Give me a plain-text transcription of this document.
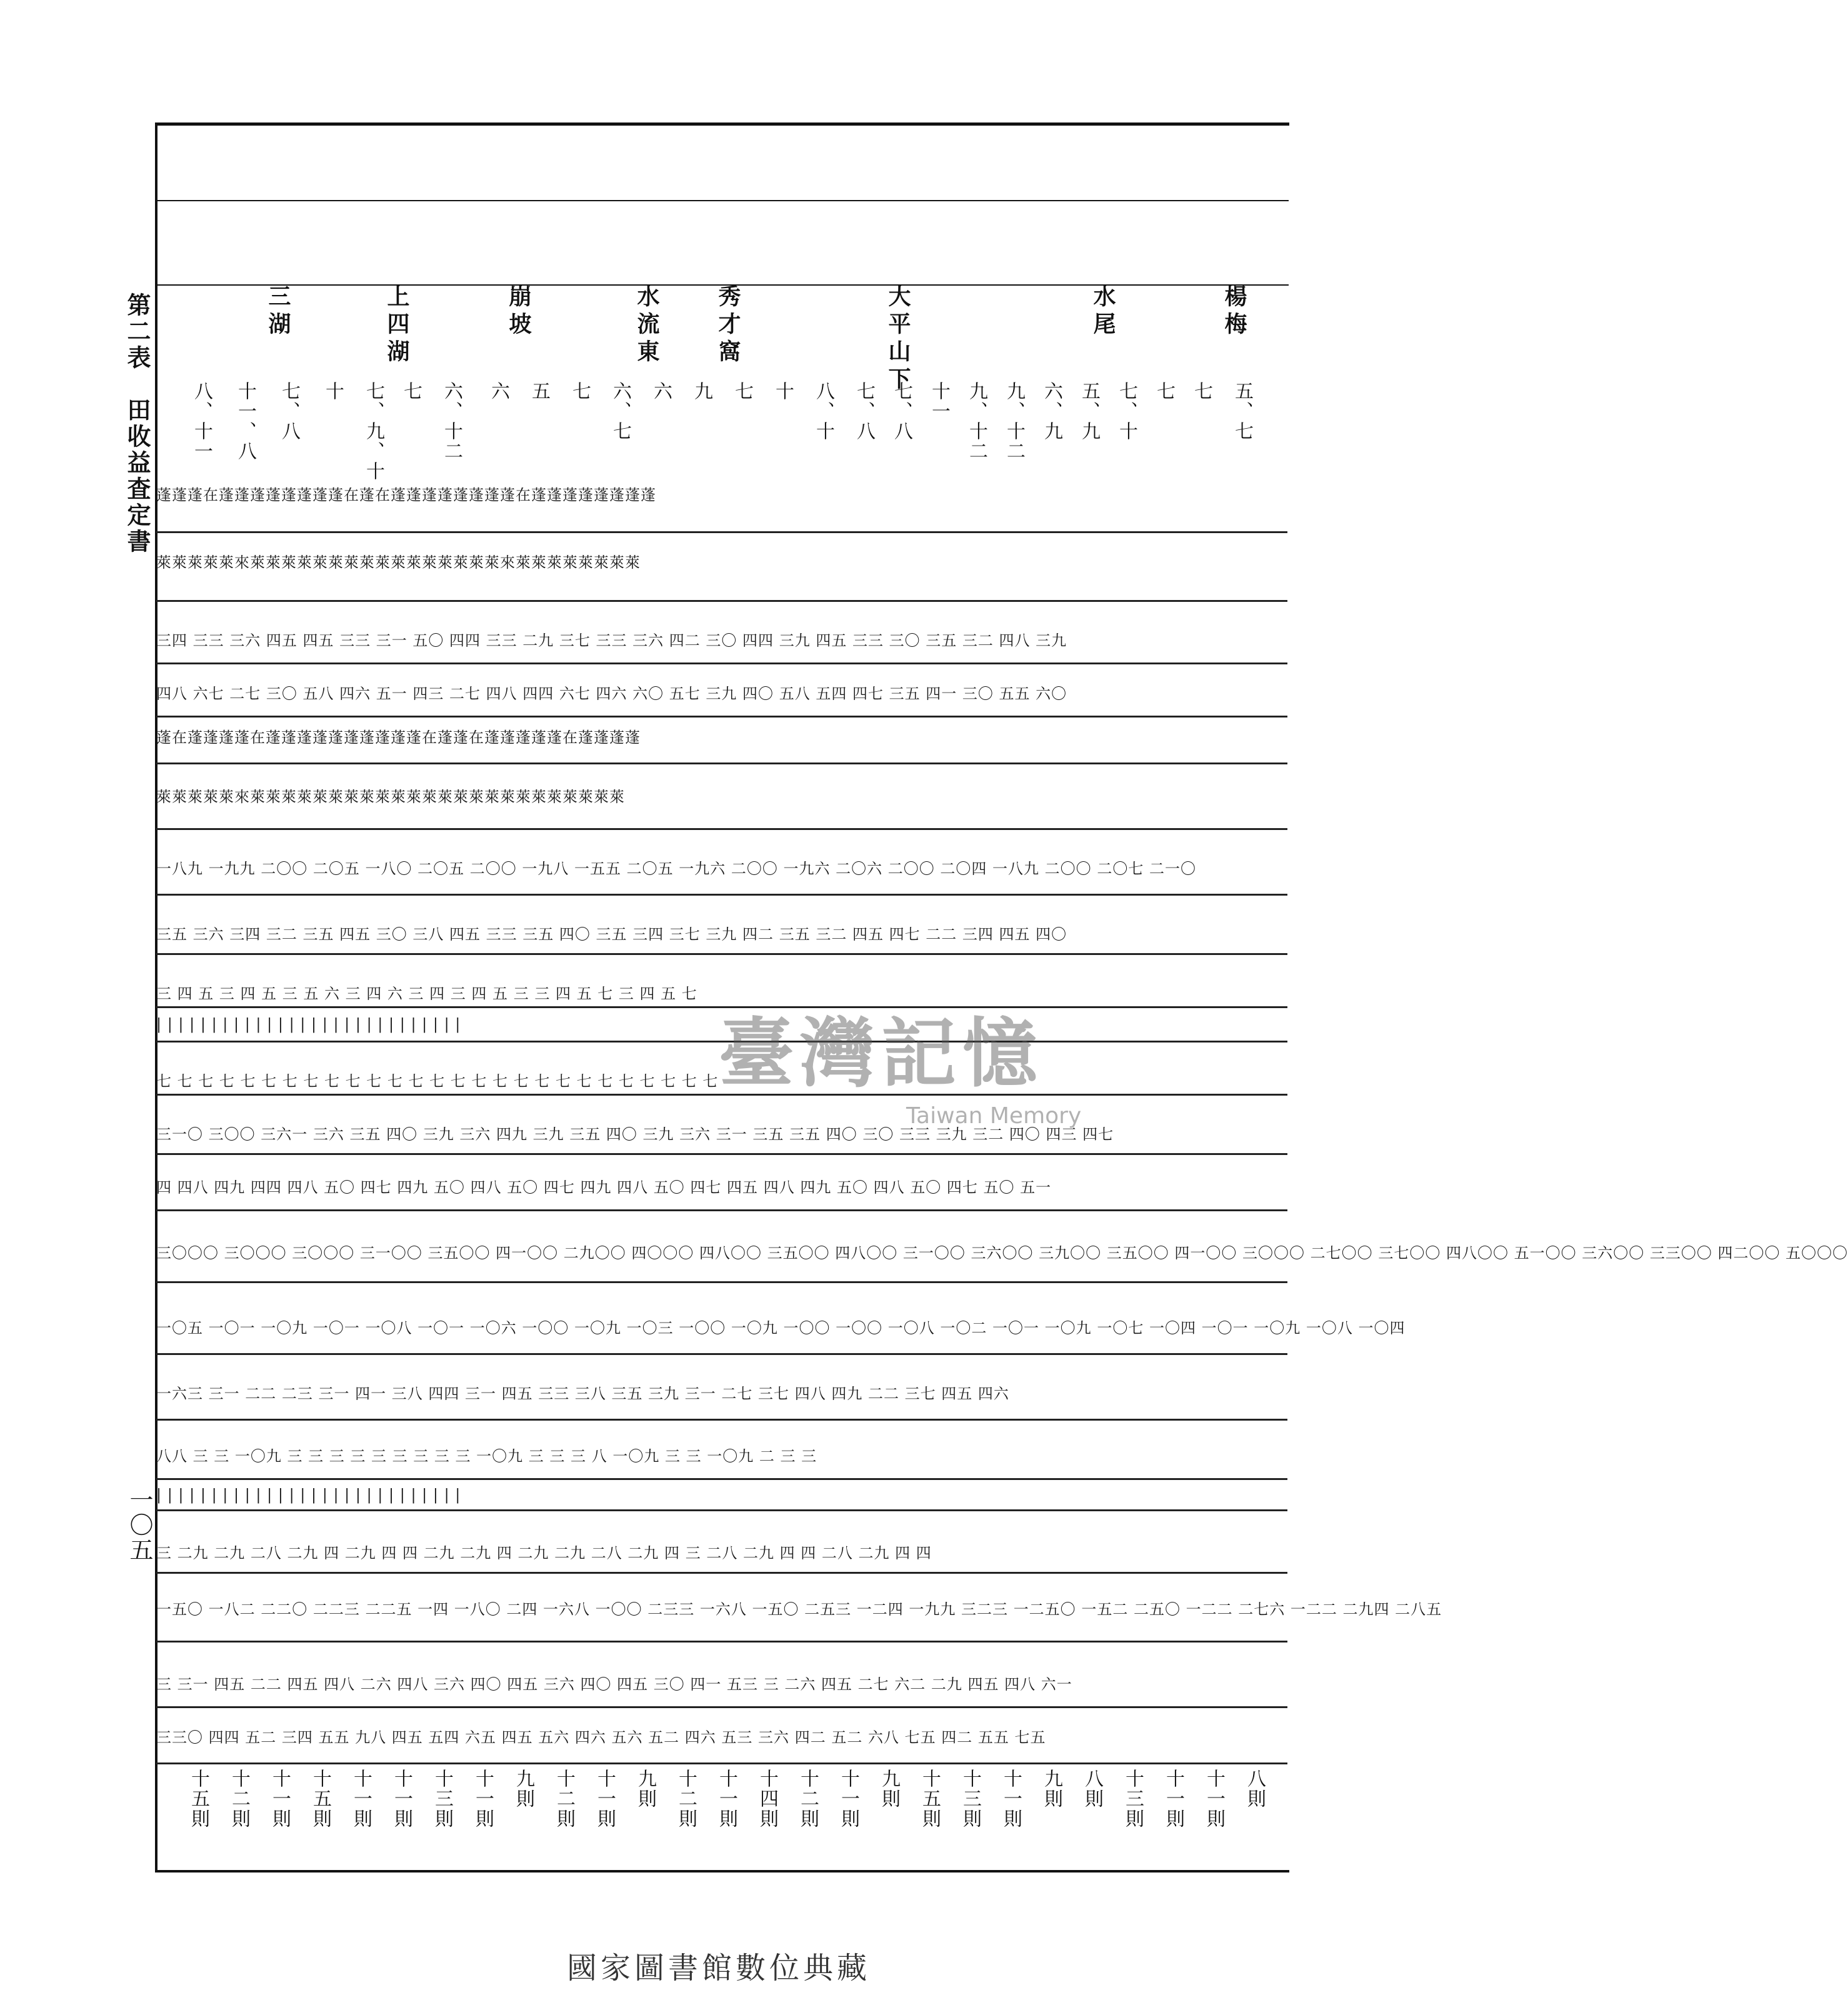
第二表　田收益査定書
一〇五
楊梅
水尾
大平山下
秀才窩
水流東
崩坡
上四湖
三湖
五、七
七
七
七、十
五、九
六、九
九、十二
九、十二
十一
七、八
七、八
八、十
十
七
九
六
六、七
七
五
六
六、十二
七
七、九、十
十
七、八
十一、八
八、十一
蓬蓬蓬在蓬蓬蓬蓬蓬蓬蓬蓬在蓬在蓬蓬蓬蓬蓬蓬蓬蓬在蓬蓬蓬蓬蓬蓬蓬蓬
萊萊萊萊萊來萊萊萊萊萊萊萊萊萊萊萊萊萊萊萊萊來萊萊萊萊萊萊萊萊
三四 三三 三六 四五 四五 三三 三一 五〇 四四 三三 二九 三七 三三 三六 四二 三〇 四四 三九 四五 三三 三〇 三五 三二 四八 三九
四八 六七 二七 三〇 五八 四六 五一 四三 二七 四八 四四 六七 四六 六〇 五七 三九 四〇 五八 五四 四七 三五 四一 三〇 五五 六〇
蓬在蓬蓬蓬蓬在蓬蓬蓬蓬蓬蓬蓬蓬蓬蓬在蓬蓬在蓬蓬蓬蓬蓬在蓬蓬蓬蓬
萊萊萊萊萊來萊萊萊萊萊萊萊萊萊萊萊萊萊萊萊萊萊萊萊萊萊萊萊萊
一八九 一九九 二〇〇 二〇五 一八〇 二〇五 二〇〇 一九八 一五五 二〇五 一九六 二〇〇 一九六 二〇六 二〇〇 二〇四 一八九 二〇〇 二〇七 二一〇
三五 三六 三四 三二 三五 四五 三〇 三八 四五 三三 三五 四〇 三五 三四 三七 三九 四二 三五 三二 四五 四七 二二 三四 四五 四〇
三 四 五 三 四 五 三 五 六 三 四 六 三 四 三 四 五 三 三 四 五 七 三 四 五 七
| | | | | | | | | | | | | | | | | | | | | | | | | | | |
七 七 七 七 七 七 七 七 七 七 七 七 七 七 七 七 七 七 七 七 七 七 七 七 七 七 七
三一〇 三〇〇 三六一 三六 三五 四〇 三九 三六 四九 三九 三五 四〇 三九 三六 三一 三五 三五 四〇 三〇 三三 三九 三二 四〇 四三 四七
四 四八 四九 四四 四八 五〇 四七 四九 五〇 四八 五〇 四七 四九 四八 五〇 四七 四五 四八 四九 五〇 四八 五〇 四七 五〇 五一
三〇〇〇 三〇〇〇 三〇〇〇 三一〇〇 三五〇〇 四一〇〇 二九〇〇 四〇〇〇 四八〇〇 三五〇〇 四八〇〇 三一〇〇 三六〇〇 三九〇〇 三五〇〇 四一〇〇 三〇〇〇 二七〇〇 三七〇〇 四八〇〇 五一〇〇 三六〇〇 三三〇〇 四二〇〇 五〇〇〇
一〇五 一〇一 一〇九 一〇一 一〇八 一〇一 一〇六 一〇〇 一〇九 一〇三 一〇〇 一〇九 一〇〇 一〇〇 一〇八 一〇二 一〇一 一〇九 一〇七 一〇四 一〇一 一〇九 一〇八 一〇四
一六三 三一 二二 二三 三一 四一 三八 四四 三一 四五 三三 三八 三五 三九 三一 二七 三七 四八 四九 二二 三七 四五 四六
八八 三 三 一〇九 三 三 三 三 三 三 三 三 三 一〇九 三 三 三 八 一〇九 三 三 一〇九 二 三 三
| | | | | | | | | | | | | | | | | | | | | | | | | | | |
三 二九 二九 二八 二九 四 二九 四 四 二九 二九 四 二九 二九 二八 二九 四 三 二八 二九 四 四 二八 二九 四 四
一五〇 一八二 二二〇 二二三 二二五 一四 一八〇 二四 一六八 一〇〇 二三三 一六八 一五〇 二五三 一二四 一九九 三二三 一二五〇 一五二 二五〇 一二二 二七六 一二二 二九四 二八五
三 三一 四五 二二 四五 四八 二六 四八 三六 四〇 四五 三六 四〇 四五 三〇 四一 五三 三 二六 四五 二七 六二 二九 四五 四八 六一
三三〇 四四 五二 三四 五五 九八 四五 五四 六五 四五 五六 四六 五六 五二 四六 五三 三六 四二 五二 六八 七五 四二 五五 七五
八則
十一則
十一則
十三則
八則
九則
十一則
十三則
十五則
九則
十一則
十二則
十四則
十一則
十二則
九則
十一則
十二則
九則
十一則
十三則
十一則
十一則
十五則
十一則
十二則
十五則
臺灣記憶
Taiwan Memory
國家圖書館數位典藏
